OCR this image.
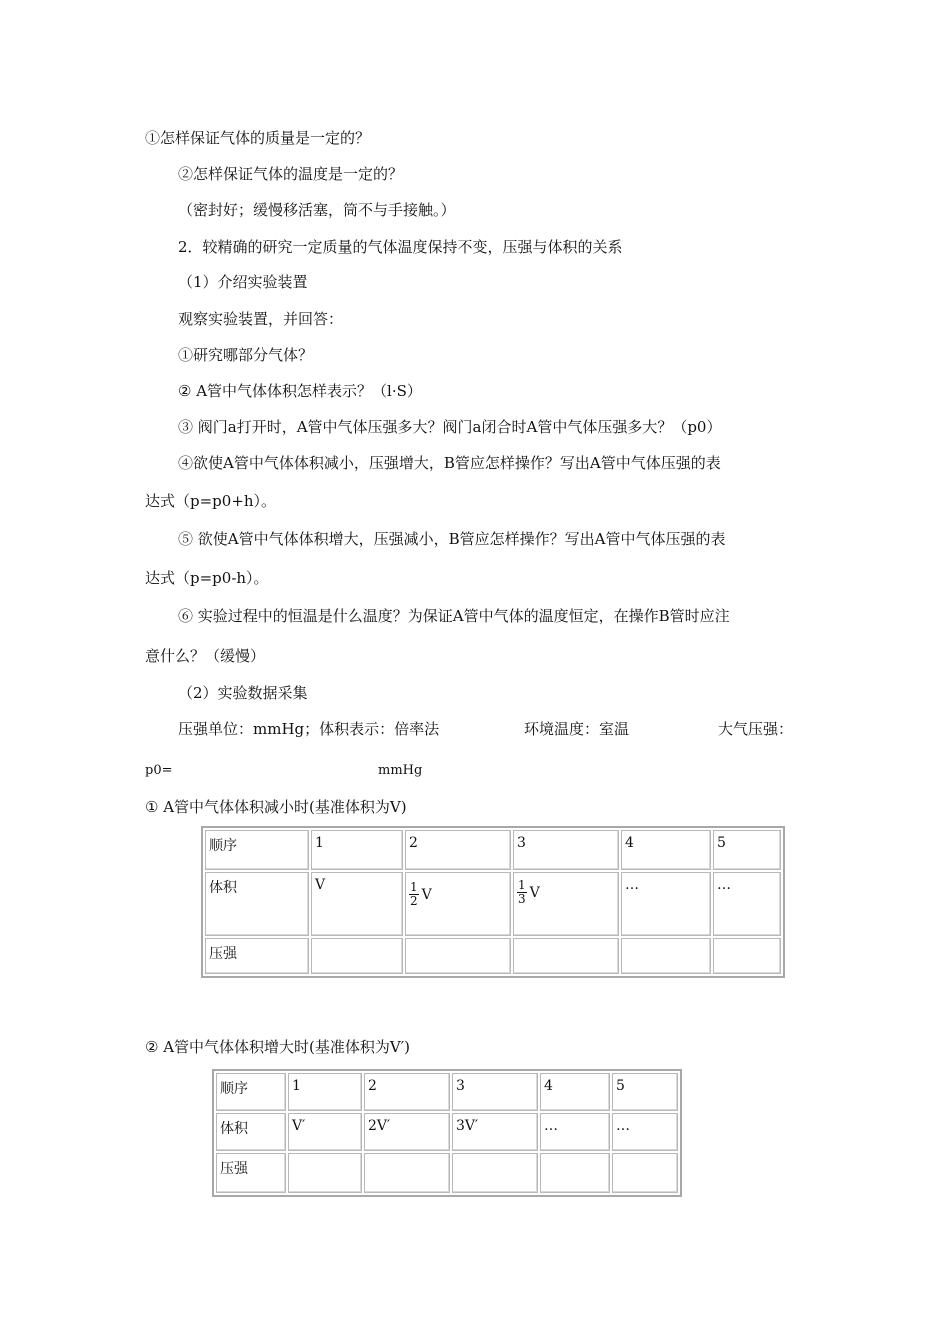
①怎样保证气体的质量是一定的？
②怎样保证气体的温度是一定的？
（密封好；缓慢移活塞，筒不与手接触。）
2．较精确的研究一定质量的气体温度保持不变，压强与体积的关系
（1）介绍实验装置
观察实验装置，并回答：
①研究哪部分气体？
② A管中气体体积怎样表示？（l·S）
③ 阀门a打开时，A管中气体压强多大？阀门a闭合时A管中气体压强多大？（p0）
④欲使A管中气体体积减小，压强增大，B管应怎样操作？写出A管中气体压强的表
达式（p=p0+h）。
⑤ 欲使A管中气体体积增大，压强减小，B管应怎样操作？写出A管中气体压强的表
达式（p=p0-h）。
⑥ 实验过程中的恒温是什么温度？为保证A管中气体的温度恒定，在操作B管时应注
意什么？（缓慢）
（2）实验数据采集
压强单位：mmHg；体积表示：倍率法	环境温度：室温	大气压强：
p0=	mmHg
① A管中气体体积减小时(基准体积为V)
顺序	1	2	3	4	5
体积	V	$\frac{1}{2}$ V	$\frac{1}{3}$ V	…	…
压强					
② A管中气体体积增大时(基准体积为V′)
顺序	1	2	3	4	5
体积	V′	2V′	3V′	…	…
压强					
